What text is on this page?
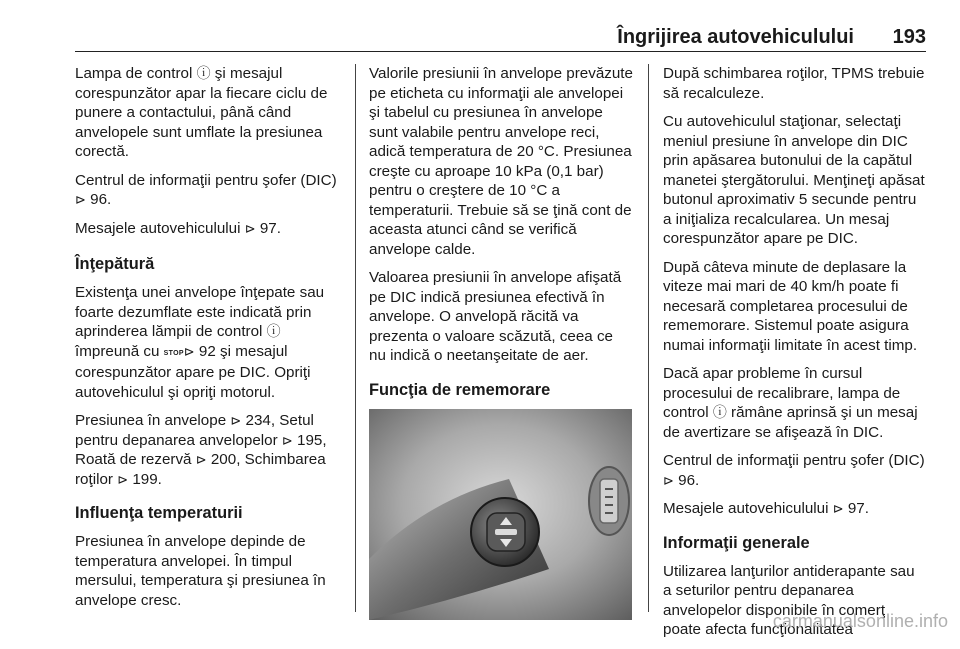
Îngrijirea autovehiculului 193

Lampa de control ⓘ şi mesajul corespunzător apar la fiecare ciclu de punere a contactului, până când anvelopele sunt umflate la presiunea corectă.

Centrul de informaţii pentru şofer (DIC) ⊳ 96.

Mesajele autovehiculului ⊳ 97.

Înţepătură

Existenţa unei anvelope înţepate sau foarte dezumflate este indicată prin aprinderea lămpii de control ⓘ împreună cu STOP⊳ 92 şi mesajul corespunzător apare pe DIC. Opriţi autovehiculul şi opriţi motorul.

Presiunea în anvelope ⊳ 234, Setul pentru depanarea anvelopelor ⊳ 195, Roată de rezervă ⊳ 200, Schimbarea roţilor ⊳ 199.

Influenţa temperaturii

Presiunea în anvelope depinde de temperatura anvelopei. În timpul mersului, temperatura şi presiunea în anvelope cresc.

Valorile presiunii în anvelope prevăzute pe eticheta cu informaţii ale anvelopei şi tabelul cu presiunea în anvelope sunt valabile pentru anvelope reci, adică temperatura de 20 °C. Presiunea creşte cu aproape 10 kPa (0,1 bar) pentru o creştere de 10 °C a temperaturii. Trebuie să se ţină cont de aceasta atunci când se verifică anvelope calde.

Valoarea presiunii în anvelope afişată pe DIC indică presiunea efectivă în anvelope. O anvelopă răcită va prezenta o valoare scăzută, ceea ce nu indică o neetanşeitate de aer.

Funcţia de rememorare

După schimbarea roţilor, TPMS trebuie să recalculeze.

Cu autovehiculul staţionar, selectaţi meniul presiune în anvelope din DIC prin apăsarea butonului de la capătul manetei ştergătorului. Menţineţi apăsat butonul aproximativ 5 secunde pentru a iniţializa recalcularea. Un mesaj corespunzător apare pe DIC.

După câteva minute de deplasare la viteze mai mari de 40 km/h poate fi necesară completarea procesului de rememorare. Sistemul poate asigura numai informaţii limitate în acest timp.

Dacă apar probleme în cursul procesului de recalibrare, lampa de control ⓘ rămâne aprinsă şi un mesaj de avertizare se afişează în DIC.

Centrul de informaţii pentru şofer (DIC) ⊳ 96.

Mesajele autovehiculului ⊳ 97.

Informaţii generale

Utilizarea lanţurilor antiderapante sau a seturilor pentru depanarea anvelopelor disponibile în comerţ poate afecta funcţionalitatea

carmanualsonline.info
